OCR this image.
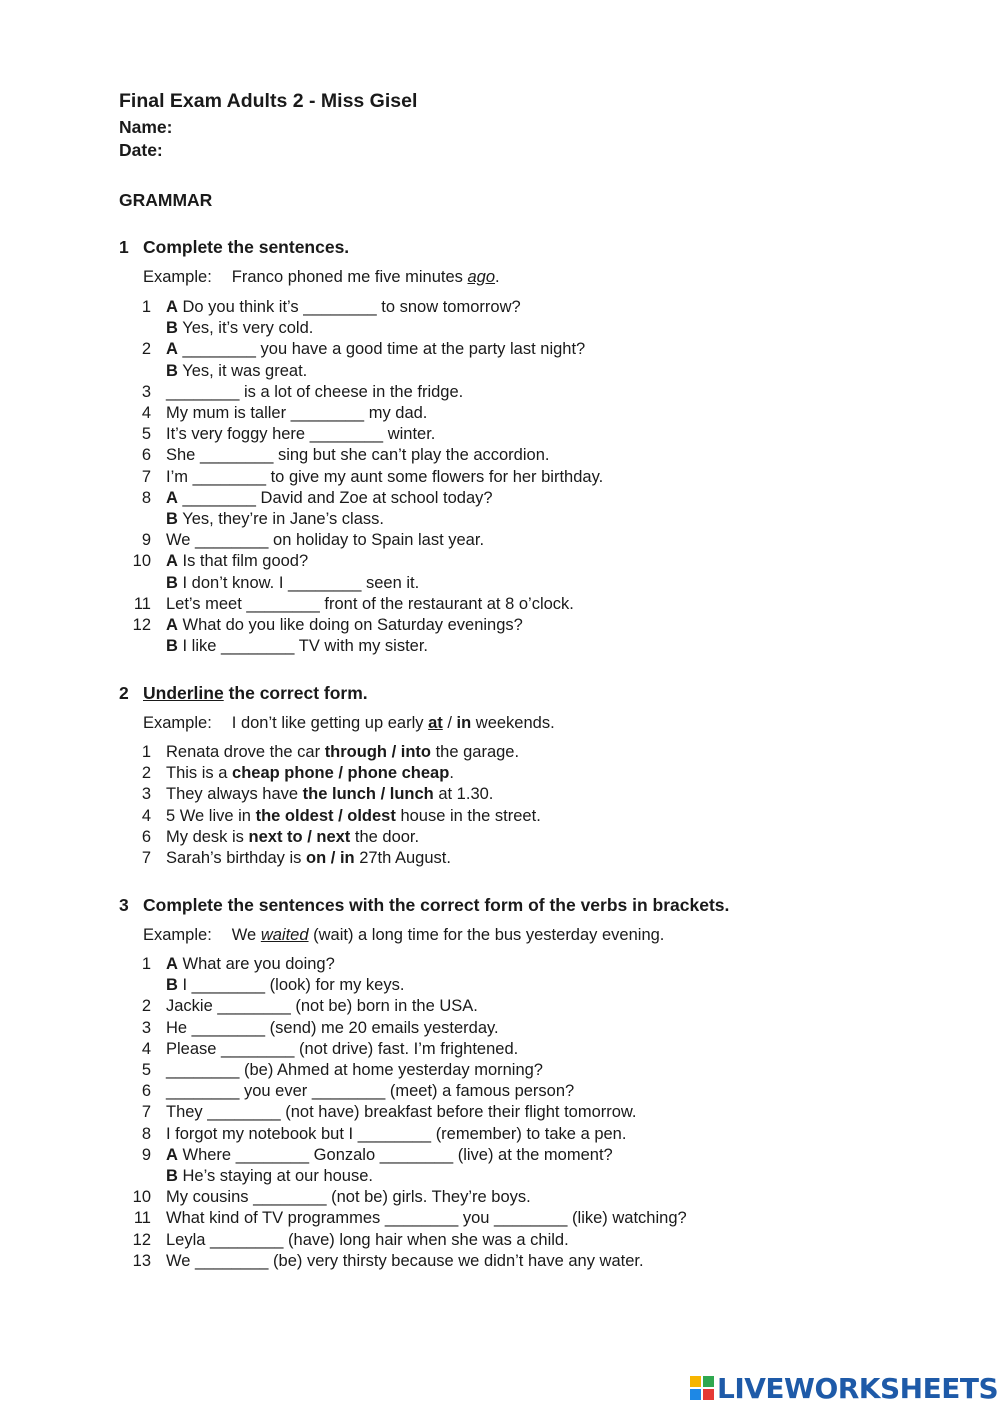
Final Exam Adults 2 - Miss Gisel
Name:
Date:
GRAMMAR
1 Complete the sentences.
Example: Franco phoned me five minutes ago.
1 A Do you think it’s ________ to snow tomorrow?
B Yes, it’s very cold.
2 A ________ you have a good time at the party last night?
B Yes, it was great.
3 ________ is a lot of cheese in the fridge.
4 My mum is taller ________ my dad.
5 It’s very foggy here ________ winter.
6 She ________ sing but she can’t play the accordion.
7 I’m ________ to give my aunt some flowers for her birthday.
8 A ________ David and Zoe at school today?
B Yes, they’re in Jane’s class.
9 We ________ on holiday to Spain last year.
10 A Is that film good?
B I don’t know. I ________ seen it.
11 Let’s meet ________ front of the restaurant at 8 o’clock.
12 A What do you like doing on Saturday evenings?
B I like ________ TV with my sister.
2 Underline the correct form.
Example: I don’t like getting up early at / in weekends.
1 Renata drove the car through / into the garage.
2 This is a cheap phone / phone cheap.
3 They always have the lunch / lunch at 1.30.
4 5 We live in the oldest / oldest house in the street.
6 My desk is next to / next the door.
7 Sarah’s birthday is on / in 27th August.
3 Complete the sentences with the correct form of the verbs in brackets.
Example: We waited (wait) a long time for the bus yesterday evening.
1 A What are you doing?
B I ________ (look) for my keys.
2 Jackie ________ (not be) born in the USA.
3 He ________ (send) me 20 emails yesterday.
4 Please ________ (not drive) fast. I’m frightened.
5 ________ (be) Ahmed at home yesterday morning?
6 ________ you ever ________ (meet) a famous person?
7 They ________ (not have) breakfast before their flight tomorrow.
8 I forgot my notebook but I ________ (remember) to take a pen.
9 A Where ________ Gonzalo ________ (live) at the moment?
B He’s staying at our house.
10 My cousins ________ (not be) girls. They’re boys.
11 What kind of TV programmes ________ you ________ (like) watching?
12 Leyla ________ (have) long hair when she was a child.
13 We ________ (be) very thirsty because we didn’t have any water.
LIVEWORKSHEETS
